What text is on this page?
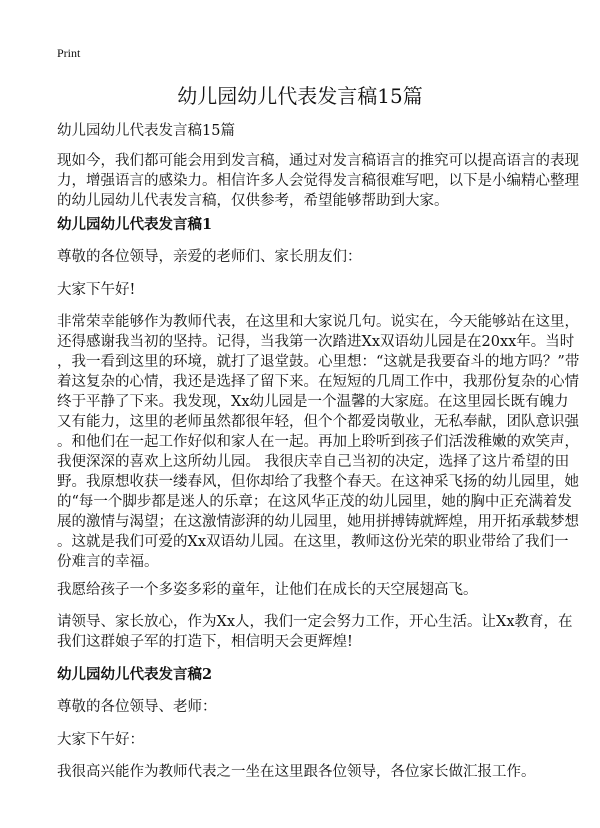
Print
幼儿园幼儿代表发言稿15篇
幼儿园幼儿代表发言稿15篇
现如今，我们都可能会用到发言稿，通过对发言稿语言的推究可以提高语言的表现
力，增强语言的感染力。相信许多人会觉得发言稿很难写吧，以下是小编精心整理
的幼儿园幼儿代表发言稿，仅供参考，希望能够帮助到大家。
幼儿园幼儿代表发言稿1
尊敬的各位领导，亲爱的老师们、家长朋友们：
大家下午好!
非常荣幸能够作为教师代表，在这里和大家说几句。说实在，今天能够站在这里，
还得感谢我当初的坚持。记得，当我第一次踏进Xx双语幼儿园是在20xx年。当时
，我一看到这里的环境，就打了退堂鼓。心里想：“这就是我要奋斗的地方吗？”带
着这复杂的心情，我还是选择了留下来。在短短的几周工作中，我那份复杂的心情
终于平静了下来。我发现，Xx幼儿园是一个温馨的大家庭。在这里园长既有魄力
又有能力，这里的老师虽然都很年轻，但个个都爱岗敬业，无私奉献，团队意识强
。和他们在一起工作好似和家人在一起。再加上聆听到孩子们活泼稚嫩的欢笑声，
我便深深的喜欢上这所幼儿园。 我很庆幸自己当初的决定，选择了这片希望的田
野。我原想收获一缕春风，但你却给了我整个春天。在这神采飞扬的幼儿园里，她
的“每一个脚步都是迷人的乐章；在这风华正茂的幼儿园里，她的胸中正充满着发
展的激情与渴望；在这激情澎湃的幼儿园里，她用拼搏铸就辉煌，用开拓承载梦想
。这就是我们可爱的Xx双语幼儿园。在这里，教师这份光荣的职业带给了我们一
份难言的幸福。
我愿给孩子一个多姿多彩的童年，让他们在成长的天空展翅高飞。
请领导、家长放心，作为Xx人，我们一定会努力工作，开心生活。让Xx教育，在
我们这群娘子军的打造下，相信明天会更辉煌!
幼儿园幼儿代表发言稿2
尊敬的各位领导、老师：
大家下午好：
我很高兴能作为教师代表之一坐在这里跟各位领导，各位家长做汇报工作。
